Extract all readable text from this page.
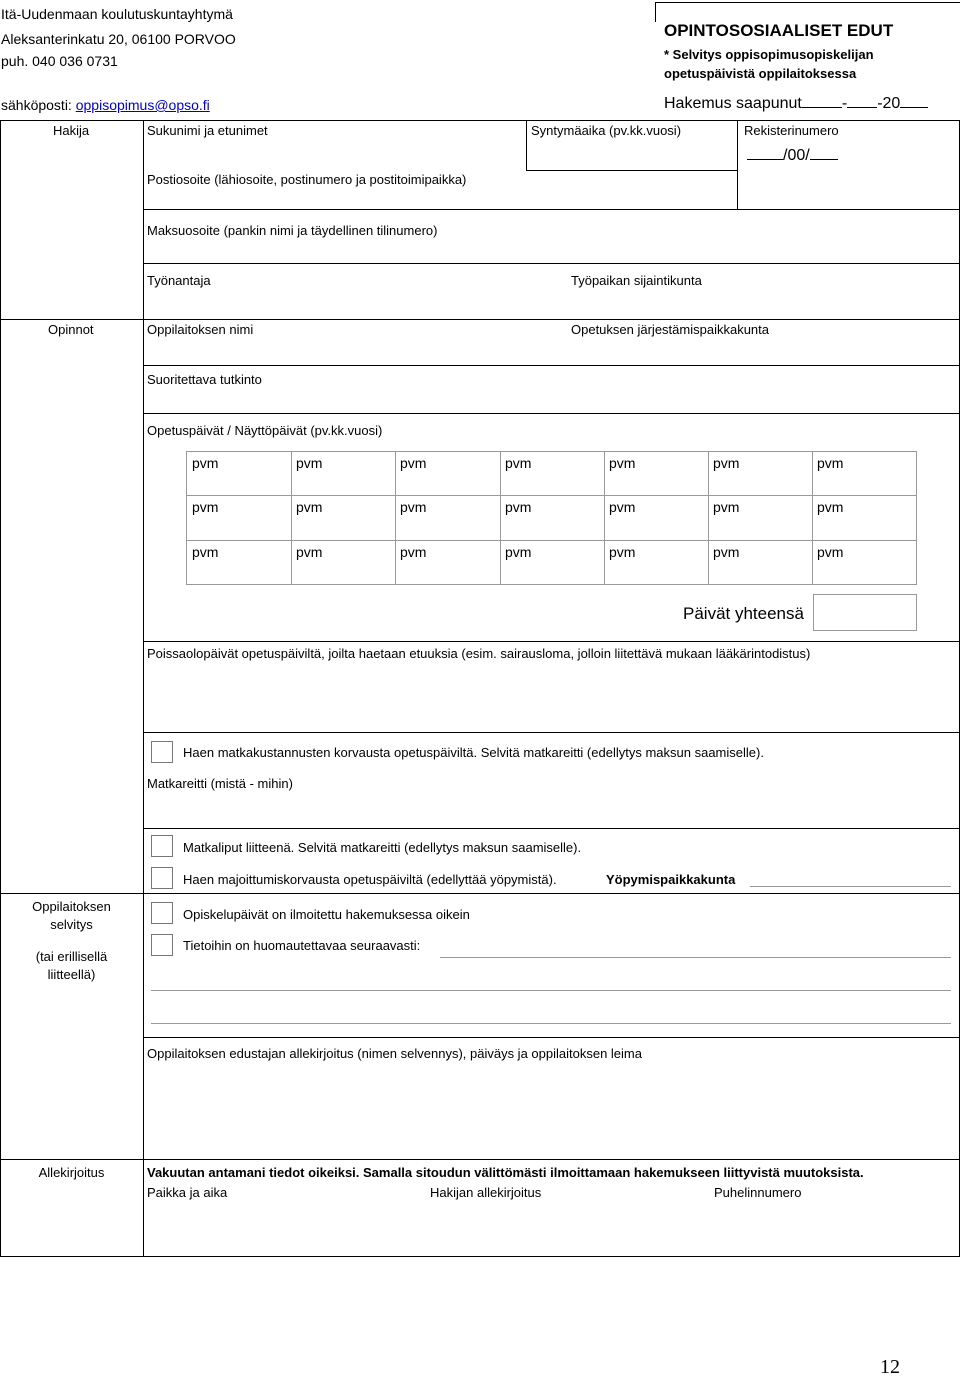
Itä-Uudenmaan koulutuskuntayhtymä
Aleksanterinkatu 20, 06100 PORVOO
puh. 040 036 0731
sähköposti: oppisopimus@opso.fi
OPINTOSOSIAALISET EDUT
* Selvitys oppisopimusopiskelijan
opetuspäivistä oppilaitoksessa
Hakemus saapunut	- -20
Hakija	Sukunimi ja etunimet	Syntymäaika (pv.kk.vuosi)	Rekisterinumero
/00/
Postiosoite (lähiosoite, postinumero ja postitoimipaikka)
Maksuosoite (pankin nimi ja täydellinen tilinumero)
Työnantaja	Työpaikan sijaintikunta
Opinnot	Oppilaitoksen nimi	Opetuksen järjestämispaikkakunta
Suoritettava tutkinto
Opetuspäivät / Näyttöpäivät (pv.kk.vuosi)
pvm	pvm	pvm	pvm	pvm	pvm	pvm
pvm	pvm	pvm	pvm	pvm	pvm	pvm
pvm	pvm	pvm	pvm	pvm	pvm	pvm
Päivät yhteensä
Poissaolopäivät opetuspäiviltä, joilta haetaan etuuksia (esim. sairausloma, jolloin liitettävä mukaan lääkärintodistus)
Haen matkakustannusten korvausta opetuspäiviltä. Selvitä matkareitti (edellytys maksun saamiselle).
Matkareitti (mistä - mihin)
Matkaliput liitteenä. Selvitä matkareitti (edellytys maksun saamiselle).
Haen majoittumiskorvausta opetuspäiviltä (edellyttää yöpymistä).	Yöpymispaikkakunta
Oppilaitoksen
selvitys
(tai erillisellä
liitteellä)
Opiskelupäivät on ilmoitettu hakemuksessa oikein
Tietoihin on huomautettavaa seuraavasti:
Oppilaitoksen edustajan allekirjoitus (nimen selvennys), päiväys ja oppilaitoksen leima
Allekirjoitus	Vakuutan antamani tiedot oikeiksi. Samalla sitoudun välittömästi ilmoittamaan hakemukseen liittyvistä muutoksista.
Paikka ja aika	Hakijan allekirjoitus	Puhelinnumero
12
